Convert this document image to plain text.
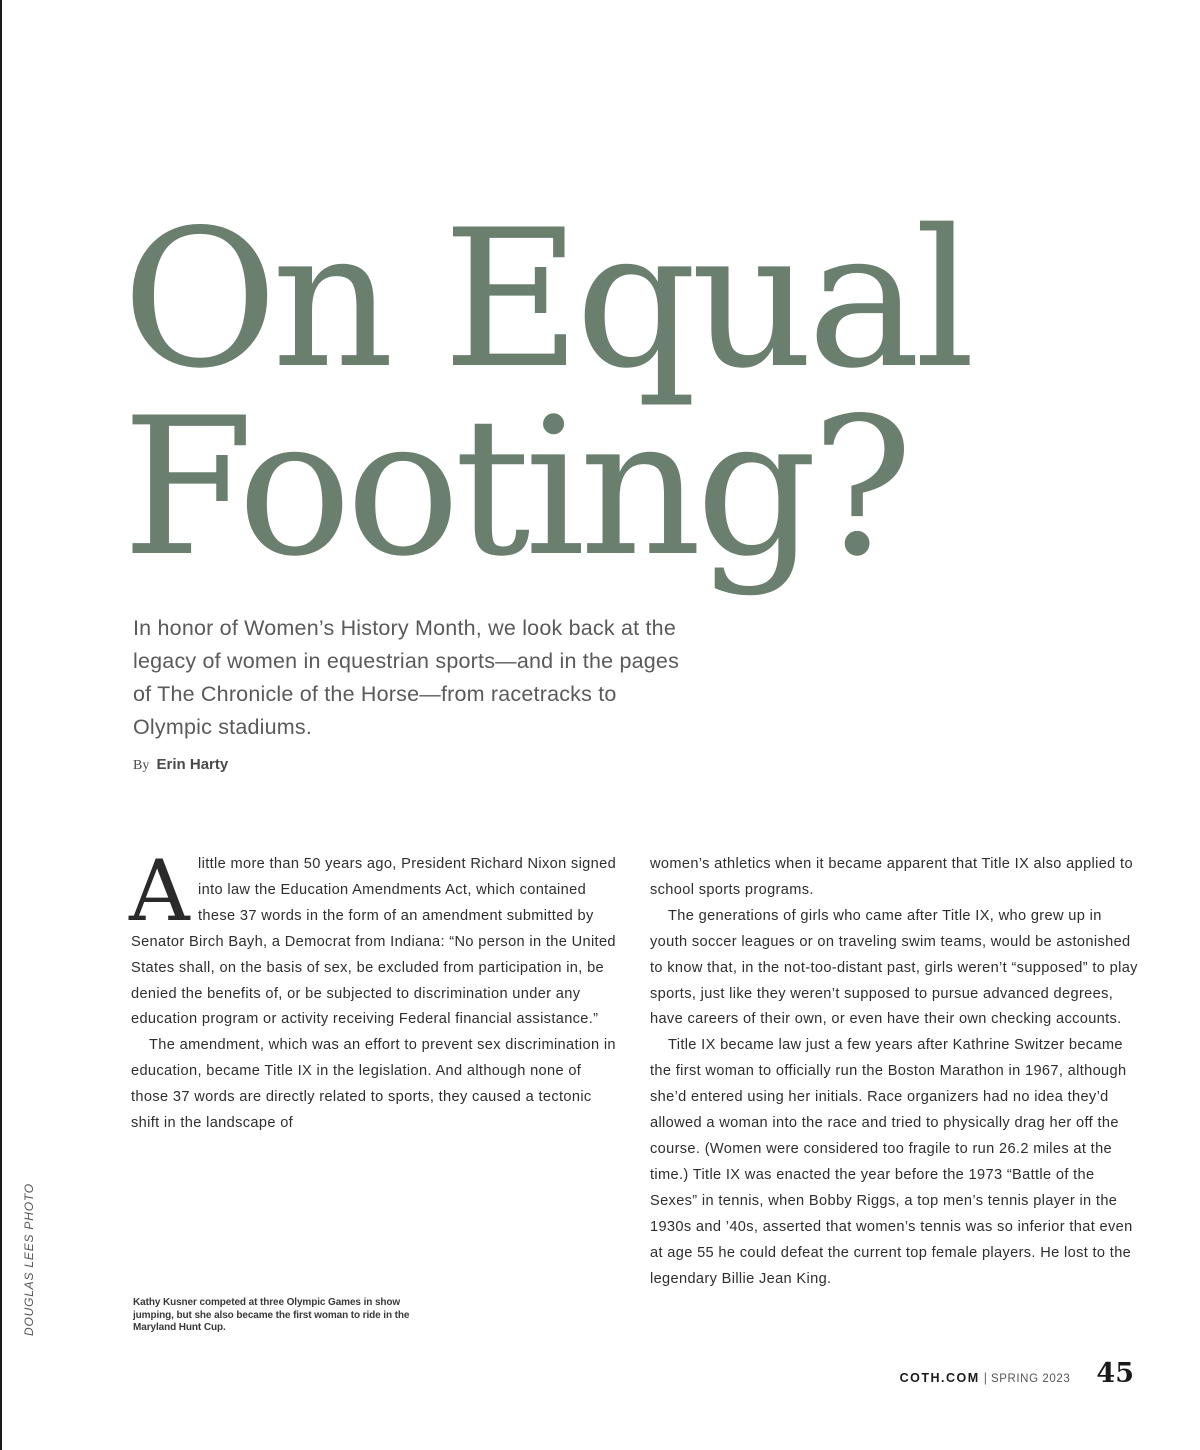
On Equal
Footing?

In honor of Women’s History Month, we look back at the legacy of women in equestrian sports—and in the pages of The Chronicle of the Horse—from racetracks to Olympic stadiums.

By Erin Harty

Alittle more than 50 years ago, President Richard Nixon signed into law the Education Amendments Act, which contained these 37 words in the form of an amendment submitted by Senator Birch Bayh, a Democrat from Indiana: “No person in the United States shall, on the basis of sex, be excluded from participation in, be denied the benefits of, or be subjected to discrimination under any education program or activity receiving Federal financial assistance.”

The amendment, which was an effort to prevent sex discrimination in education, became Title IX in the legislation. And although none of those 37 words are directly related to sports, they caused a tectonic shift in the landscape of

women’s athletics when it became apparent that Title IX also applied to school sports programs.

The generations of girls who came after Title IX, who grew up in youth soccer leagues or on traveling swim teams, would be astonished to know that, in the not-too-distant past, girls weren’t “supposed” to play sports, just like they weren’t supposed to pursue advanced degrees, have careers of their own, or even have their own checking accounts.

Title IX became law just a few years after Kathrine Switzer became the first woman to officially run the Boston Marathon in 1967, although she’d entered using her initials. Race organizers had no idea they’d allowed a woman into the race and tried to physically drag her off the course. (Women were considered too fragile to run 26.2 miles at the time.) Title IX was enacted the year before the 1973 “Battle of the Sexes” in tennis, when Bobby Riggs, a top men’s tennis player in the 1930s and ’40s, asserted that women’s tennis was so inferior that even at age 55 he could defeat the current top female players. He lost to the legendary Billie Jean King.

Kathy Kusner competed at three Olympic Games in show jumping, but she also became the first woman to ride in the Maryland Hunt Cup.
DOUGLAS LEES PHOTO
COTH.COM | SPRING 2023 45
